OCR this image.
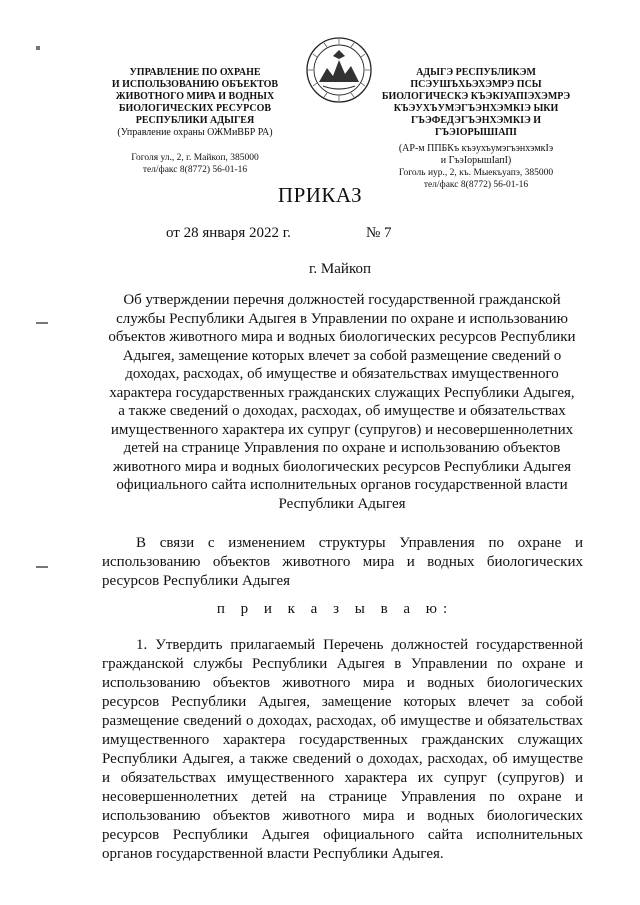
УПРАВЛЕНИЕ ПО ОХРАНЕ
И ИСПОЛЬЗОВАНИЮ ОБЪЕКТОВ
ЖИВОТНОГО МИРА И ВОДНЫХ
БИОЛОГИЧЕСКИХ РЕСУРСОВ
РЕСПУБЛИКИ АДЫГЕЯ
(Управление охраны ОЖМиВБР РА)
Гоголя ул., 2, г. Майкоп, 385000
тел/факс 8(8772) 56-01-16
АДЫГЭ РЕСПУБЛИКЭМ
ПСЭУШЪХЬЭХЭМРЭ ПСЫ
БИОЛОГИЧЕСКЭ КЪЭКIУАПIЭХЭМРЭ
КЪЭУХЪУМЭГЪЭНХЭМКIЭ ЫКИ
ГЪЭФЕДЭГЪЭНХЭМКIЭ И ГЪЭIОРЫШIАПI
(АР-м ППБКъ къэухъумэгъэнхэмкIэ
и ГъэIорышIапI)
Гоголь иур., 2, къ. Мыекъуапэ, 385000
тел/факс 8(8772) 56-01-16
ПРИКАЗ
от 28 января 2022 г.	№ 7
г. Майкоп
Об утверждении перечня должностей государственной гражданской
службы Республики Адыгея в Управлении по охране и использованию
объектов животного мира и водных биологических ресурсов Республики
Адыгея, замещение которых влечет за собой размещение сведений о
доходах, расходах, об имуществе и обязательствах имущественного
характера государственных гражданских служащих Республики Адыгея,
а также сведений о доходах, расходах, об имуществе и обязательствах
имущественного характера их супруг (супругов) и несовершеннолетних
детей на странице Управления по охране и использованию объектов
животного мира и водных биологических ресурсов Республики Адыгея
официального сайта исполнительных органов государственной власти
Республики Адыгея
В связи с изменением структуры Управления по охране и использованию объектов животного мира и водных биологических ресурсов Республики Адыгея
п р и к а з ы в а ю:
1. Утвердить прилагаемый Перечень должностей государственной гражданской службы Республики Адыгея в Управлении по охране и использованию объектов животного мира и водных биологических ресурсов Республики Адыгея, замещение которых влечет за собой размещение сведений о доходах, расходах, об имуществе и обязательствах имущественного характера государственных гражданских служащих Республики Адыгея, а также сведений о доходах, расходах, об имуществе и обязательствах имущественного характера их супруг (супругов) и несовершеннолетних детей на странице Управления по охране и использованию объектов животного мира и водных биологических ресурсов Республики Адыгея официального сайта исполнительных органов государственной власти Республики Адыгея.
